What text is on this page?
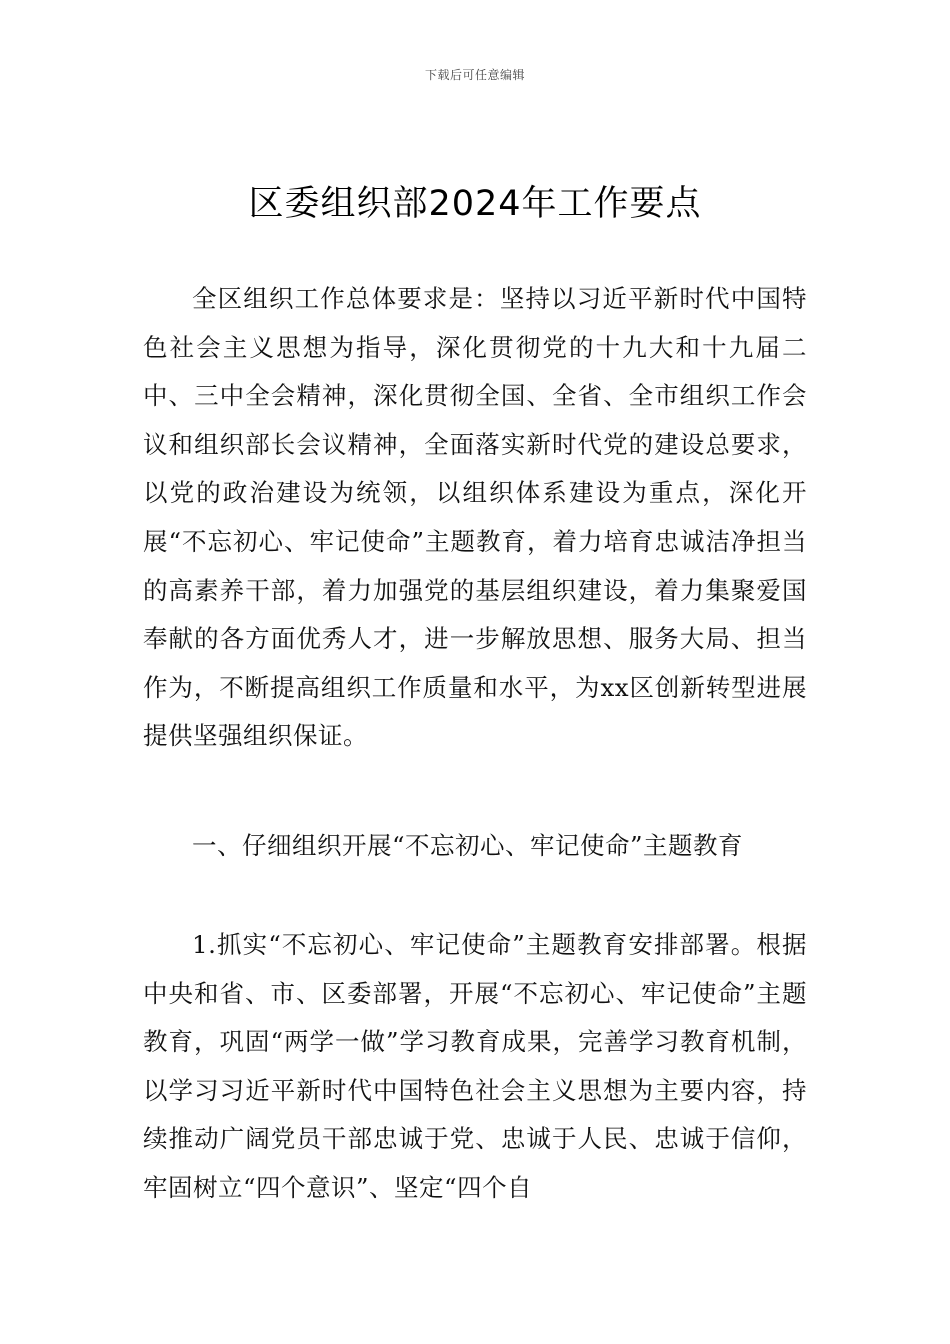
下载后可任意编辑
区委组织部2024年工作要点

全区组织工作总体要求是：坚持以习近平新时代中国特色社会主义思想为指导，深化贯彻党的十九大和十九届二中、三中全会精神，深化贯彻全国、全省、全市组织工作会议和组织部长会议精神，全面落实新时代党的建设总要求，以党的政治建设为统领，以组织体系建设为重点，深化开展“不忘初心、牢记使命”主题教育，着力培育忠诚洁净担当的高素养干部，着力加强党的基层组织建设，着力集聚爱国奉献的各方面优秀人才，进一步解放思想、服务大局、担当作为，不断提高组织工作质量和水平，为xx区创新转型进展提供坚强组织保证。

一、仔细组织开展“不忘初心、牢记使命”主题教育

1.抓实“不忘初心、牢记使命”主题教育安排部署。根据中央和省、市、区委部署，开展“不忘初心、牢记使命”主题教育，巩固“两学一做”学习教育成果，完善学习教育机制，以学习习近平新时代中国特色社会主义思想为主要内容，持续推动广阔党员干部忠诚于党、忠诚于人民、忠诚于信仰，牢固树立“四个意识”、坚定“四个自
